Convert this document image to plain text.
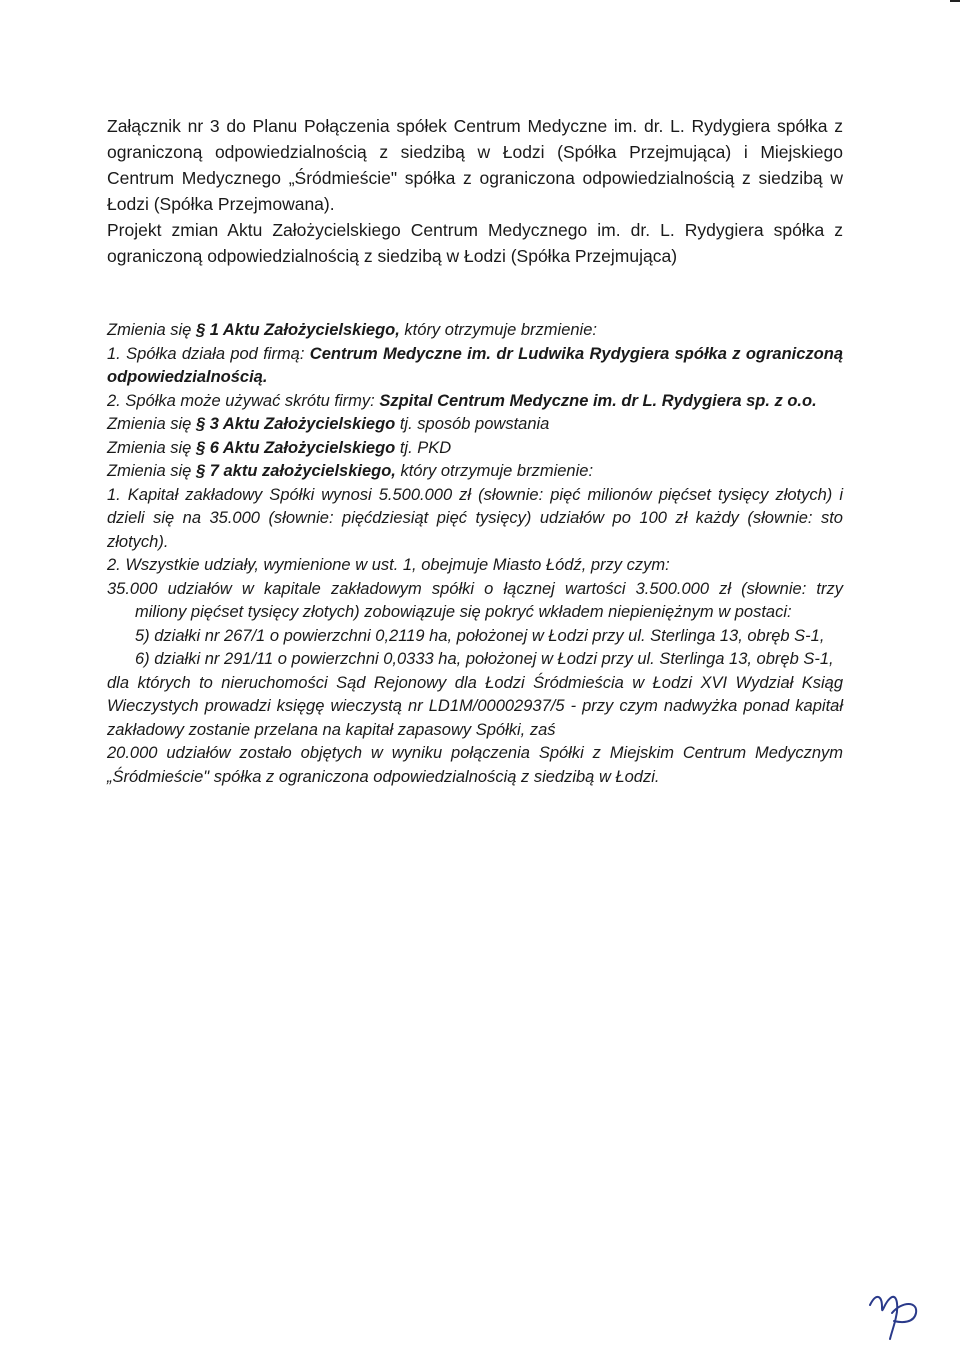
Załącznik nr 3 do Planu Połączenia spółek Centrum Medyczne im. dr. L. Rydygiera spółka z ograniczoną odpowiedzialnością z siedzibą w Łodzi (Spółka Przejmująca) i Miejskiego Centrum Medycznego „Śródmieście" spółka z ograniczona odpowiedzialnością z siedzibą w Łodzi (Spółka Przejmowana).

Projekt zmian Aktu Założycielskiego Centrum Medycznego im. dr. L. Rydygiera spółka z ograniczoną odpowiedzialnością z siedzibą w Łodzi (Spółka Przejmująca)

Zmienia się § 1 Aktu Założycielskiego, który otrzymuje brzmienie:

1. Spółka działa pod firmą: Centrum Medyczne im. dr Ludwika Rydygiera spółka z ograniczoną odpowiedzialnością.

2. Spółka może używać skrótu firmy: Szpital Centrum Medyczne im. dr L. Rydygiera sp. z o.o.

Zmienia się § 3 Aktu Założycielskiego tj. sposób powstania

Zmienia się § 6 Aktu Założycielskiego tj. PKD

Zmienia się § 7 aktu założycielskiego, który otrzymuje brzmienie:

1. Kapitał zakładowy Spółki wynosi 5.500.000 zł (słownie: pięć milionów pięćset tysięcy złotych) i dzieli się na 35.000 (słownie: pięćdziesiąt pięć tysięcy) udziałów po 100 zł każdy (słownie: sto złotych).

2. Wszystkie udziały, wymienione w ust. 1, obejmuje Miasto Łódź, przy czym:

35.000 udziałów w kapitale zakładowym spółki o łącznej wartości 3.500.000 zł (słownie: trzy

miliony pięćset tysięcy złotych) zobowiązuje się pokryć wkładem niepieniężnym w postaci:

5) działki nr 267/1 o powierzchni 0,2119 ha, położonej w Łodzi przy ul. Sterlinga 13, obręb S-1,

6) działki nr 291/11 o powierzchni 0,0333 ha, położonej w Łodzi przy ul. Sterlinga 13, obręb S-1,

dla których to nieruchomości Sąd Rejonowy dla Łodzi Śródmieścia w Łodzi XVI Wydział Ksiąg Wieczystych prowadzi księgę wieczystą nr LD1M/00002937/5 - przy czym nadwyżka ponad kapitał zakładowy zostanie przelana na kapitał zapasowy Spółki, zaś

20.000 udziałów zostało objętych w wyniku połączenia Spółki z Miejskim Centrum Medycznym „Śródmieście" spółka z ograniczona odpowiedzialnością z siedzibą w Łodzi.
